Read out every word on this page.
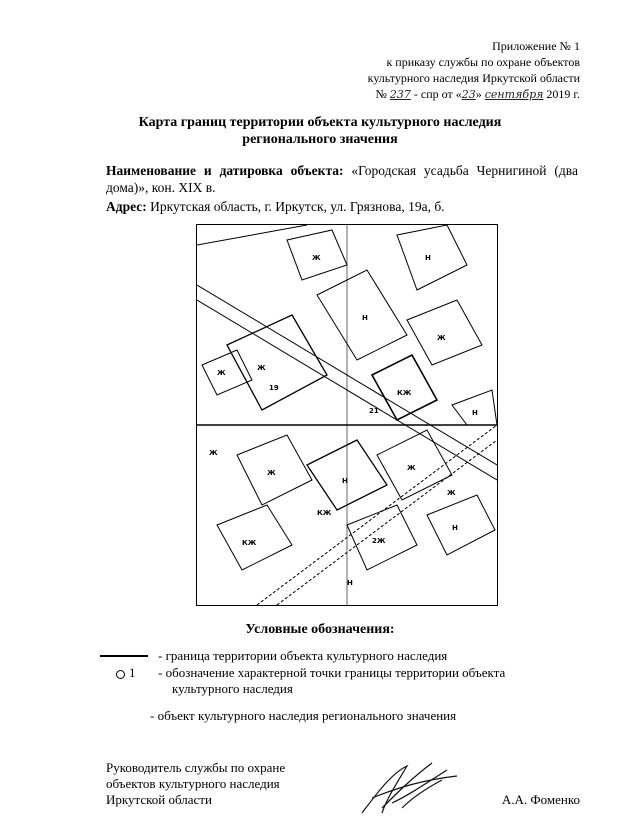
Приложение № 1
к приказу службы по охране объектов
культурного наследия Иркутской области
№ 237 - спр от «23» сентября 2019 г.
Карта границ территории объекта культурного наследия
регионального значения
Наименование и датировка объекта: «Городская усадьба Чернигиной (два дома)», кон. XIX в.
Адрес: Иркутская область, г. Иркутск, ул. Грязнова, 19а, б.
Ж
Н
Ж
Н
КЖ
Ж
Н
Ж
КЖ	2Ж
Н
Ж
19
21
Ж
Н
Ж
КЖ
Ж
Н
Условные обозначения:
- граница территории объекта культурного наследия
1 - обозначение характерной точки границы территории объекта
культурного наследия
- объект культурного наследия регионального значения
Руководитель службы по охране
объектов культурного наследия
Иркутской области	А.А. Фоменко
